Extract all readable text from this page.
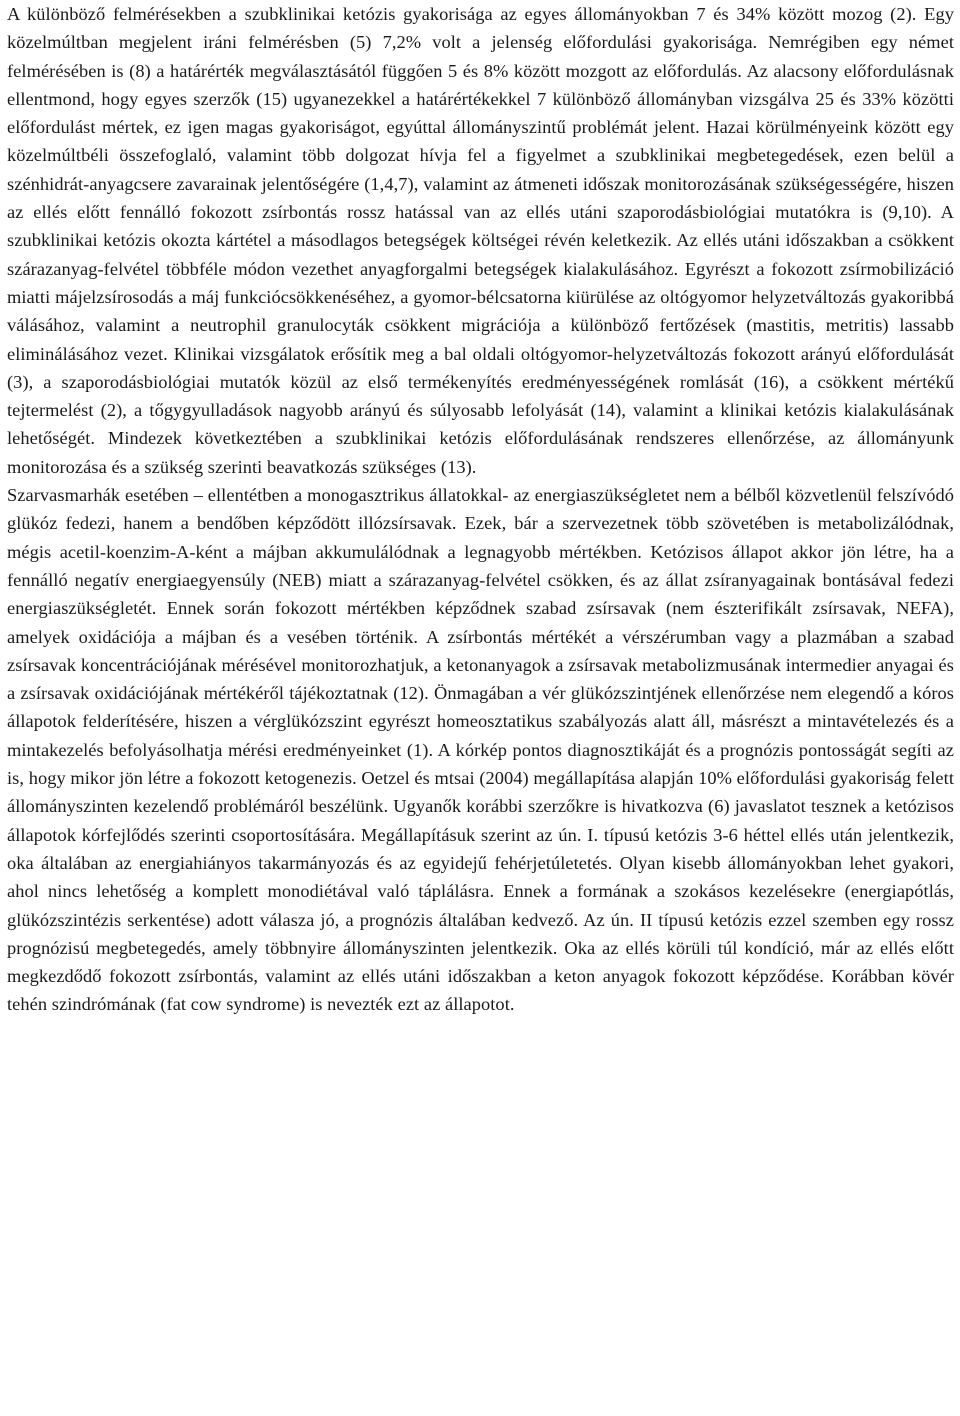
A különböző felmérésekben a szubklinikai ketózis gyakorisága az egyes állományokban 7 és 34% között mozog (2). Egy közelmúltban megjelent iráni felmérésben (5) 7,2% volt a jelenség előfordulási gyakorisága. Nemrégiben egy német felmérésében is (8) a határérték megválasztásától függően 5 és 8% között mozgott az előfordulás. Az alacsony előfordulásnak ellentmond, hogy egyes szerzők (15) ugyanezekkel a határértékekkel 7 különböző állományban vizsgálva 25 és 33% közötti előfordulást mértek, ez igen magas gyakoriságot, egyúttal állományszintű problémát jelent. Hazai körülményeink között egy közelmúltbéli összefoglaló, valamint több dolgozat hívja fel a figyelmet a szubklinikai megbetegedések, ezen belül a szénhidrát-anyagcsere zavarainak jelentőségére (1,4,7), valamint az átmeneti időszak monitorozásának szükségességére, hiszen az ellés előtt fennálló fokozott zsírbontás rossz hatással van az ellés utáni szaporodásbiológiai mutatókra is (9,10). A szubklinikai ketózis okozta kártétel a másodlagos betegségek költségei révén keletkezik. Az ellés utáni időszakban a csökkent szárazanyag-felvétel többféle módon vezethet anyagforgalmi betegségek kialakulásához. Egyrészt a fokozott zsírmobilizáció miatti májelzsírosodás a máj funkciócsökkenéséhez, a gyomor-bélcsatorna kiürülése az oltógyomor helyzetváltozás gyakoribbá válásához, valamint a neutrophil granulocyták csökkent migrációja a különböző fertőzések (mastitis, metritis) lassabb eliminálásához vezet. Klinikai vizsgálatok erősítik meg a bal oldali oltógyomor-helyzetváltozás fokozott arányú előfordulását (3), a szaporodásbiológiai mutatók közül az első termékenyítés eredményességének romlását (16), a csökkent mértékű tejtermelést (2), a tőgygyulladások nagyobb arányú és súlyosabb lefolyását (14), valamint a klinikai ketózis kialakulásának lehetőségét. Mindezek következtében a szubklinikai ketózis előfordulásának rendszeres ellenőrzése, az állományunk monitorozása és a szükség szerinti beavatkozás szükséges (13).

Szarvasmarhák esetében – ellentétben a monogasztrikus állatokkal- az energiaszükségletet nem a bélből közvetlenül felszívódó glükóz fedezi, hanem a bendőben képződött illózsírsavak. Ezek, bár a szervezetnek több szövetében is metabolizálódnak, mégis acetil-koenzim-A-ként a májban akkumulálódnak a legnagyobb mértékben. Ketózisos állapot akkor jön létre, ha a fennálló negatív energiaegyensúly (NEB) miatt a szárazanyag-felvétel csökken, és az állat zsíranyagainak bontásával fedezi energiaszükségletét. Ennek során fokozott mértékben képződnek szabad zsírsavak (nem észterifikált zsírsavak, NEFA), amelyek oxidációja a májban és a vesében történik. A zsírbontás mértékét a vérszérumban vagy a plazmában a szabad zsírsavak koncentrációjának mérésével monitorozhatjuk, a ketonanyagok a zsírsavak metabolizmusának intermedier anyagai és a zsírsavak oxidációjának mértékéről tájékoztatnak (12). Önmagában a vér glükózszintjének ellenőrzése nem elegendő a kóros állapotok felderítésére, hiszen a vérglükózszint egyrészt homeosztatikus szabályozás alatt áll, másrészt a mintavételezés és a mintakezelés befolyásolhatja mérési eredményeinket (1). A kórkép pontos diagnosztikáját és a prognózis pontosságát segíti az is, hogy mikor jön létre a fokozott ketogenezis. Oetzel és mtsai (2004) megállapítása alapján 10% előfordulási gyakoriság felett állományszinten kezelendő problémáról beszélünk. Ugyanők korábbi szerzőkre is hivatkozva (6) javaslatot tesznek a ketózisos állapotok kórfejlődés szerinti csoportosítására. Megállapításuk szerint az ún. I. típusú ketózis 3-6 héttel ellés után jelentkezik, oka általában az energiahiányos takarmányozás és az egyidejű fehérjetúletetés. Olyan kisebb állományokban lehet gyakori, ahol nincs lehetőség a komplett monodiétával való táplálásra. Ennek a formának a szokásos kezelésekre (energiapótlás, glükózszintézis serkentése) adott válasza jó, a prognózis általában kedvező. Az ún. II típusú ketózis ezzel szemben egy rossz prognózisú megbetegedés, amely többnyire állományszinten jelentkezik. Oka az ellés körüli túl kondíció, már az ellés előtt megkezdődő fokozott zsírbontás, valamint az ellés utáni időszakban a keton anyagok fokozott képződése. Korábban kövér tehén szindrómának (fat cow syndrome) is nevezték ezt az állapotot.
